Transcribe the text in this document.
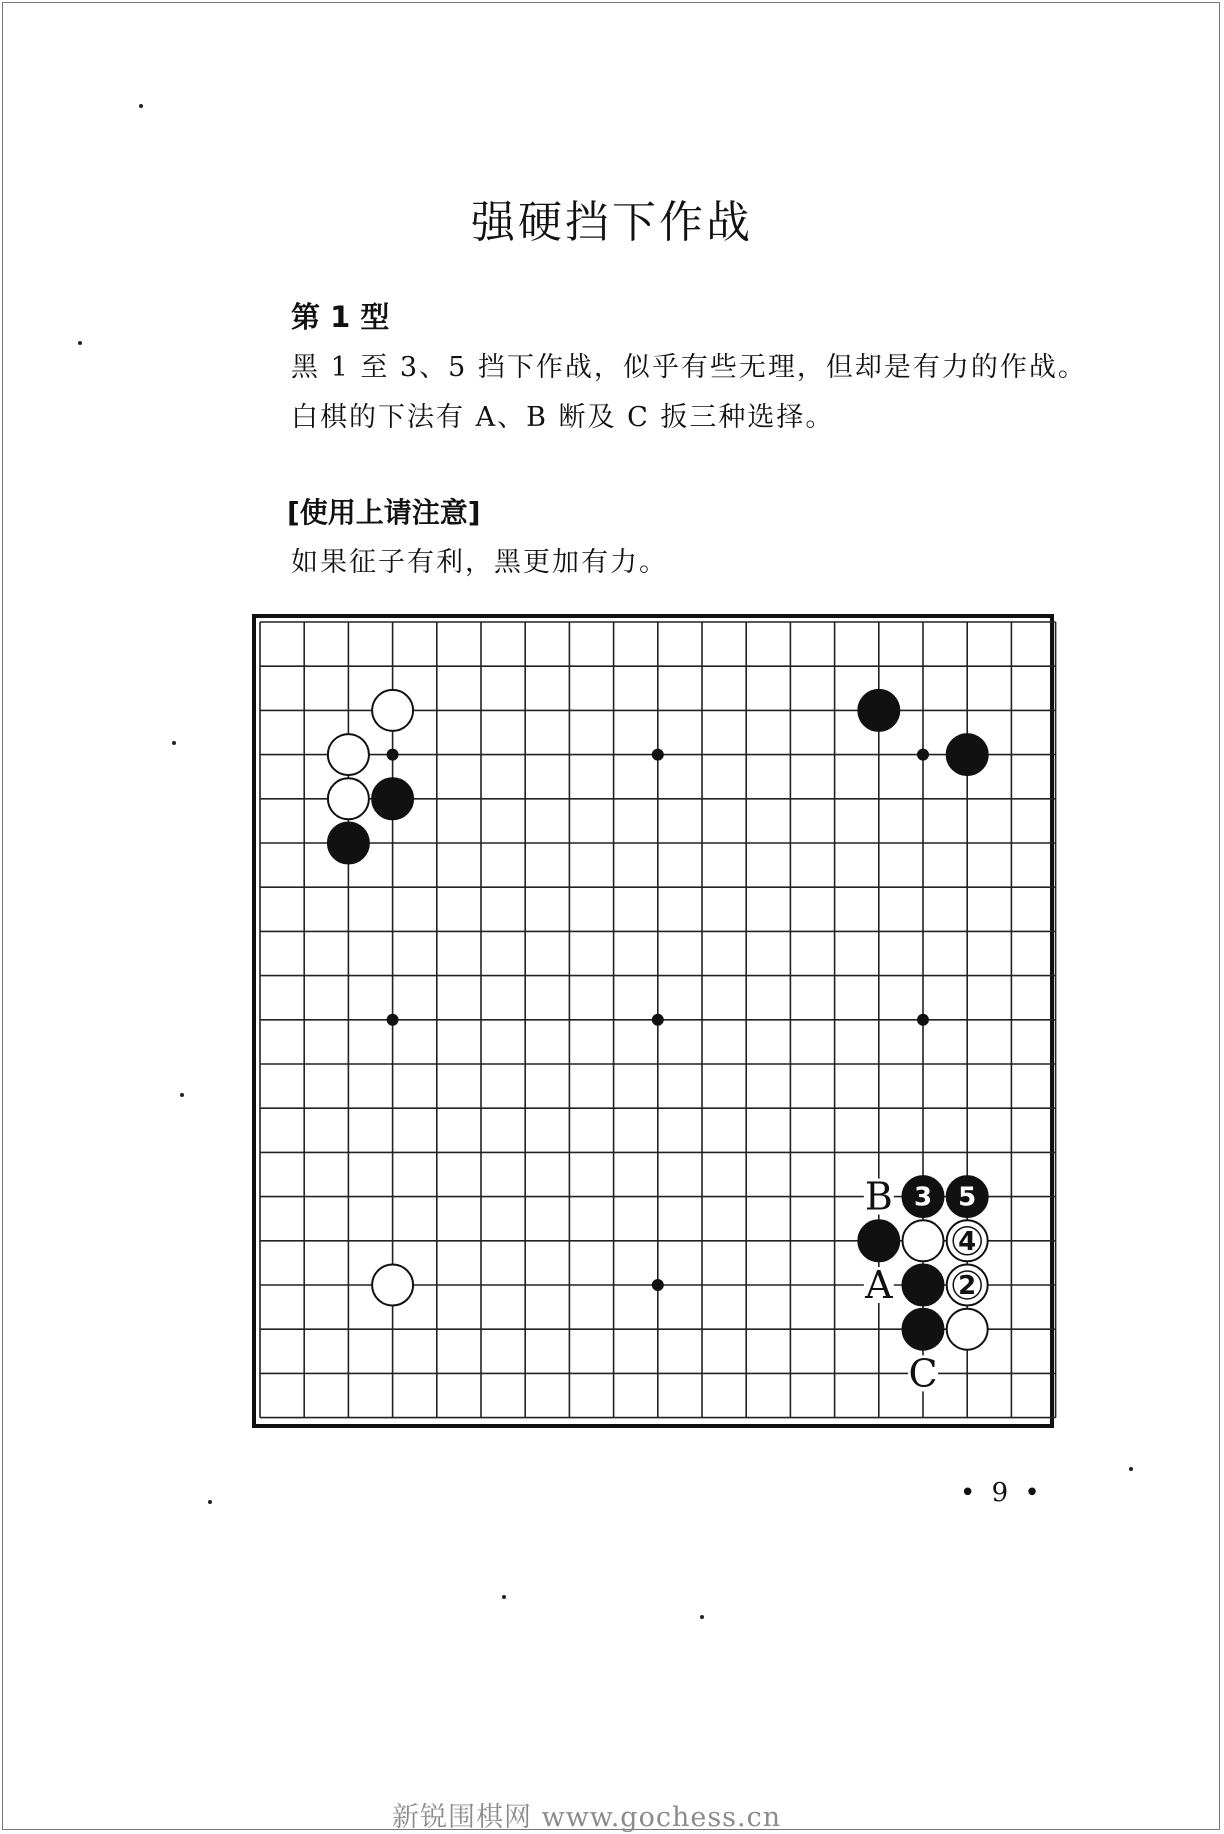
强硬挡下作战
第 1 型
黑 1 至 3、5 挡下作战，似乎有些无理，但却是有力的作战。
白棋的下法有 A、B 断及 C 扳三种选择。
[使用上请注意]
如果征子有利，黑更加有力。
3 5
4
2
B
A
C
• 9 •
新锐围棋网 www.gochess.cn
